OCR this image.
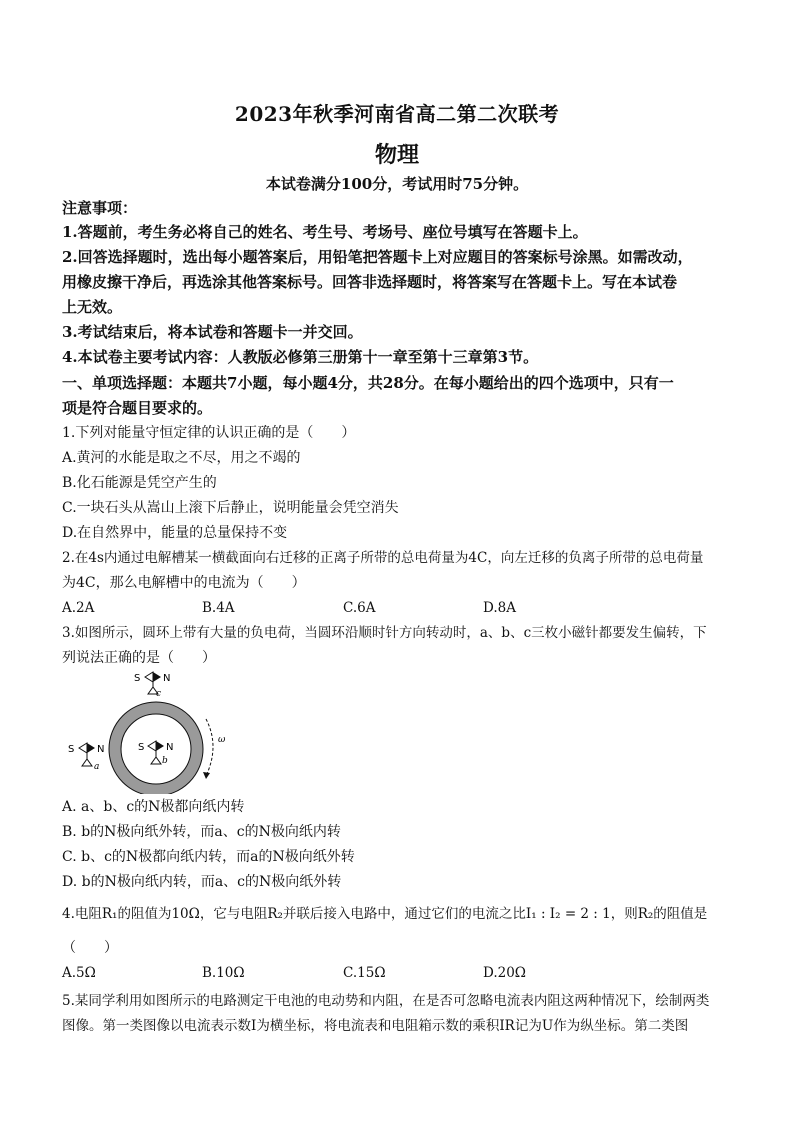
2023年秋季河南省高二第二次联考
物理
本试卷满分100分，考试用时75分钟。
注意事项：
1.答题前，考生务必将自己的姓名、考生号、考场号、座位号填写在答题卡上。
2.回答选择题时，选出每小题答案后，用铅笔把答题卡上对应题目的答案标号涂黑。如需改动，
用橡皮擦干净后，再选涂其他答案标号。回答非选择题时，将答案写在答题卡上。写在本试卷
上无效。
3.考试结束后，将本试卷和答题卡一并交回。
4.本试卷主要考试内容：人教版必修第三册第十一章至第十三章第3节。
一、单项选择题：本题共7小题，每小题4分，共28分。在每小题给出的四个选项中，只有一
项是符合题目要求的。
1.下列对能量守恒定律的认识正确的是（　　）
A.黄河的水能是取之不尽，用之不竭的
B.化石能源是凭空产生的
C.一块石头从嵩山上滚下后静止，说明能量会凭空消失
D.在自然界中，能量的总量保持不变
2.在4s内通过电解槽某一横截面向右迁移的正离子所带的总电荷量为4C，向左迁移的负离子所带的总电荷量
为4C，那么电解槽中的电流为（　　）
A.2A	B.4A	C.6A	D.8A
3.如图所示，圆环上带有大量的负电荷，当圆环沿顺时针方向转动时，a、b、c三枚小磁针都要发生偏转，下
列说法正确的是（　　）
S N
c
S N
b
S N
a
ω
A. a、b、c的N极都向纸内转
B. b的N极向纸外转，而a、c的N极向纸内转
C. b、c的N极都向纸内转，而a的N极向纸外转
D. b的N极向纸内转，而a、c的N极向纸外转
4.电阻R₁的阻值为10Ω，它与电阻R₂并联后接入电路中，通过它们的电流之比I₁ : I₂ = 2 : 1，则R₂的阻值是
（　　）
A.5Ω	B.10Ω	C.15Ω	D.20Ω
5.某同学利用如图所示的电路测定干电池的电动势和内阻，在是否可忽略电流表内阻这两种情况下，绘制两类
图像。第一类图像以电流表示数I为横坐标，将电流表和电阻箱示数的乘积IR记为U作为纵坐标。第二类图
